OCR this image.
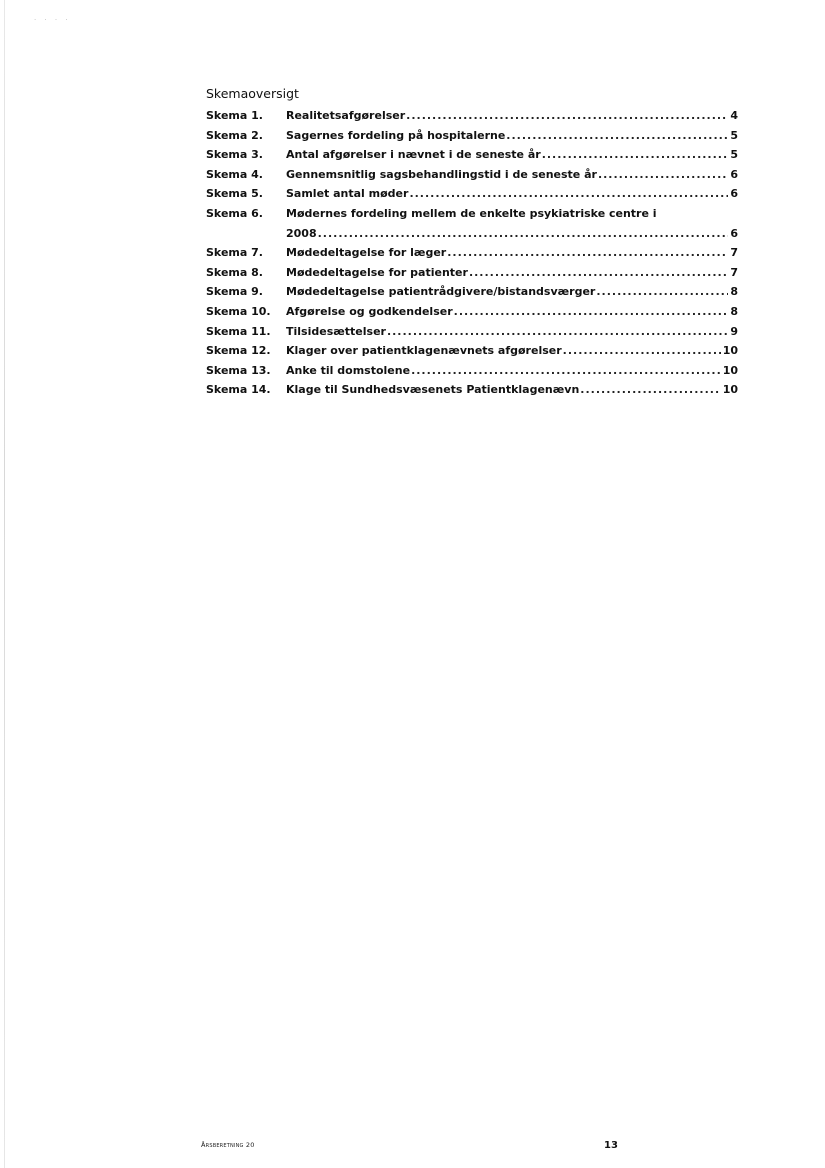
· · · ·
Skemaoversigt
Skema 1.	Realitetsafgørelser .....	4
Skema 2.	Sagernes fordeling på hospitalerne .....	5
Skema 3.	Antal afgørelser i nævnet i de seneste år .....	5
Skema 4.	Gennemsnitlig sagsbehandlingstid i de seneste år .....	6
Skema 5.	Samlet antal møder .....	6
Skema 6.	Mødernes fordeling mellem de enkelte psykiatriske centre i
2008 .....	6
Skema 7.	Mødedeltagelse for læger .....	7
Skema 8.	Mødedeltagelse for patienter .....	7
Skema 9.	Mødedeltagelse patientrådgivere/bistandsværger .....	8
Skema 10.	Afgørelse og godkendelser .....	8
Skema 11.	Tilsidesættelser .....	9
Skema 12.	Klager over patientklagenævnets afgørelser .....	10
Skema 13.	Anke til domstolene .....	10
Skema 14.	Klage til Sundhedsvæsenets Patientklagenævn .....	10
Årsberetning 20	13
